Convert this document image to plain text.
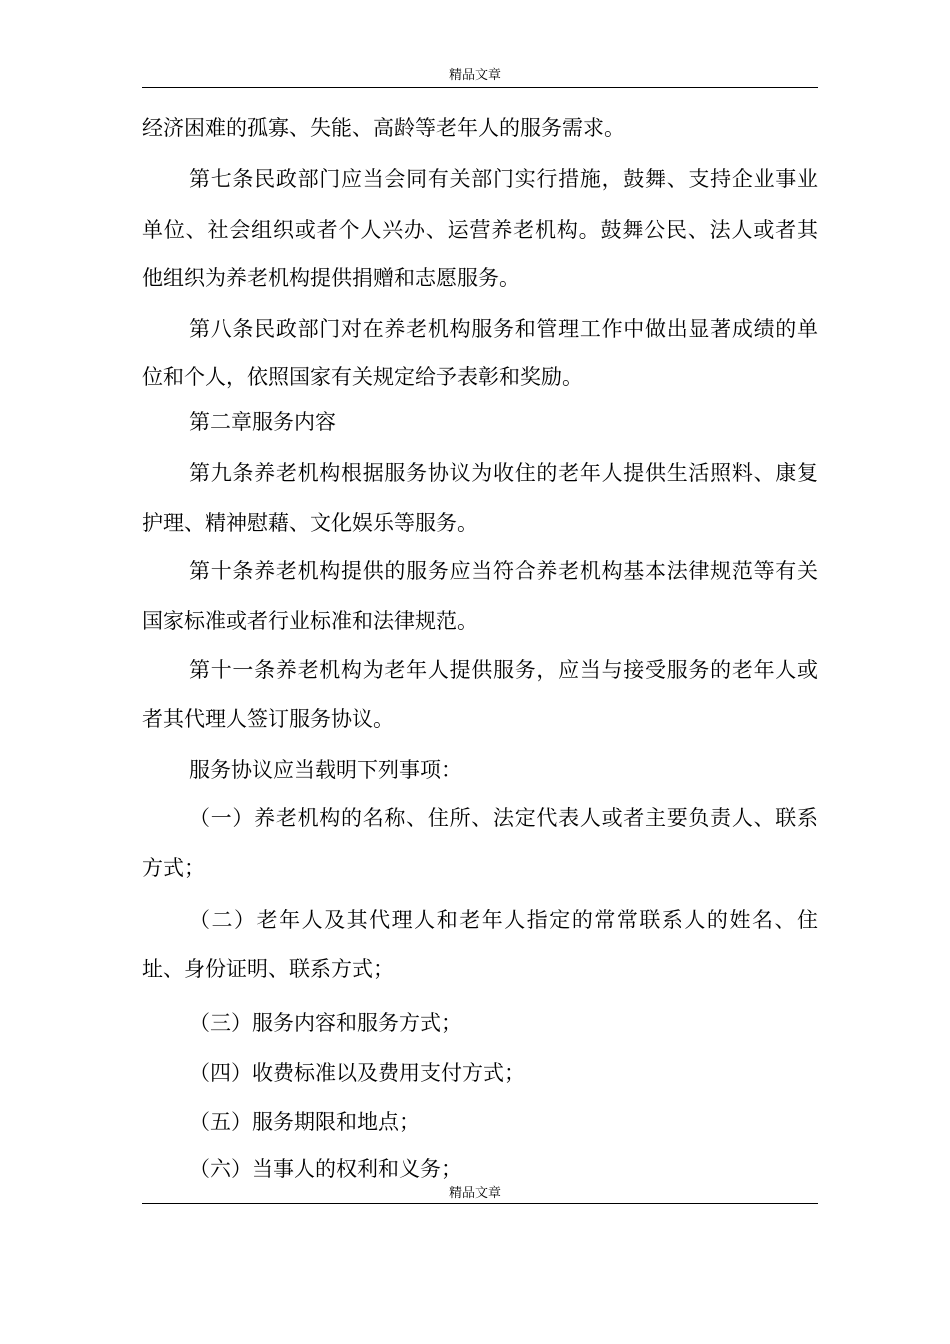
精品文章
经济困难的孤寡、失能、高龄等老年人的服务需求。
第七条民政部门应当会同有关部门实行措施，鼓舞、支持企业事业
单位、社会组织或者个人兴办、运营养老机构。鼓舞公民、法人或者其
他组织为养老机构提供捐赠和志愿服务。
第八条民政部门对在养老机构服务和管理工作中做出显著成绩的单
位和个人，依照国家有关规定给予表彰和奖励。
第二章服务内容
第九条养老机构根据服务协议为收住的老年人提供生活照料、康复
护理、精神慰藉、文化娱乐等服务。
第十条养老机构提供的服务应当符合养老机构基本法律规范等有关
国家标准或者行业标准和法律规范。
第十一条养老机构为老年人提供服务，应当与接受服务的老年人或
者其代理人签订服务协议。
服务协议应当载明下列事项：
（一）养老机构的名称、住所、法定代表人或者主要负责人、联系
方式；
（二）老年人及其代理人和老年人指定的常常联系人的姓名、住
址、身份证明、联系方式；
（三）服务内容和服务方式；
（四）收费标准以及费用支付方式；
（五）服务期限和地点；
（六）当事人的权利和义务；
精品文章
